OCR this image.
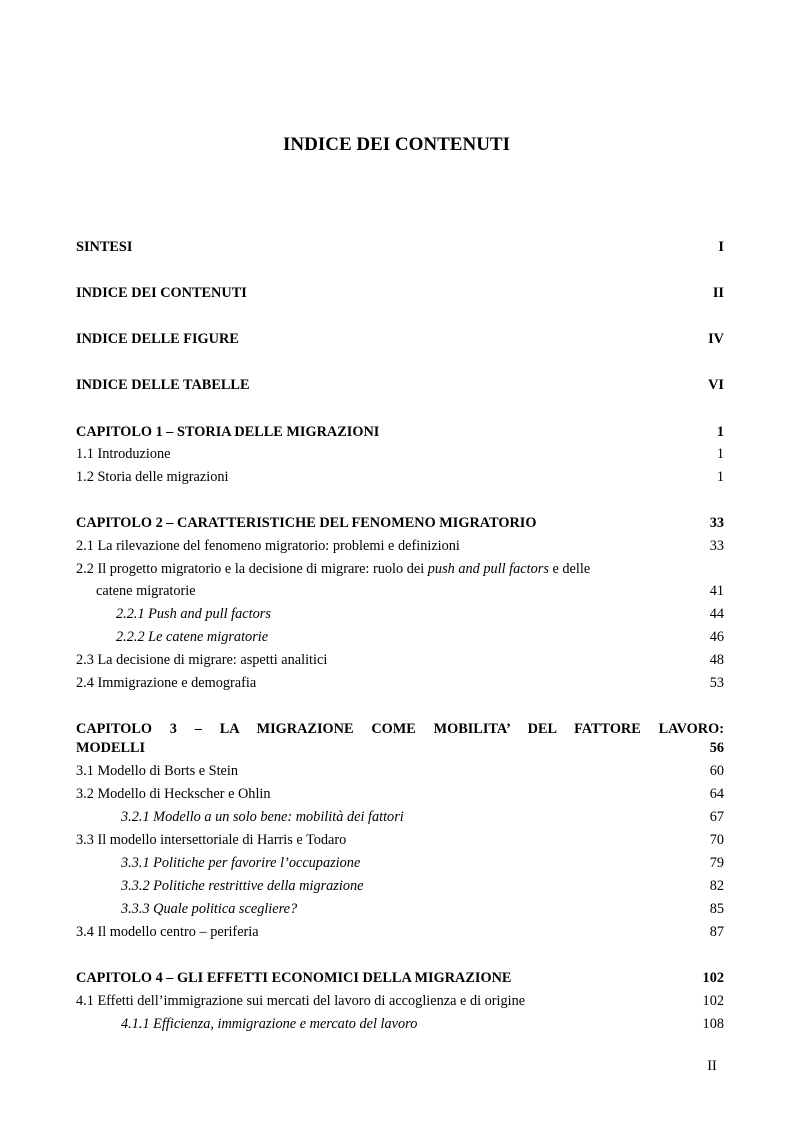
INDICE DEI CONTENUTI
SINTESI	I
INDICE DEI CONTENUTI	II
INDICE DELLE FIGURE	IV
INDICE DELLE TABELLE	VI
CAPITOLO 1 – STORIA DELLE MIGRAZIONI	1
1.1 Introduzione	1
1.2 Storia delle migrazioni	1
CAPITOLO 2 – CARATTERISTICHE DEL FENOMENO MIGRATORIO	33
2.1 La rilevazione del fenomeno migratorio: problemi e definizioni	33
2.2 Il progetto migratorio e la decisione di migrare: ruolo dei push and pull factors e delle
catene migratorie	41
2.2.1 Push and pull factors	44
2.2.2 Le catene migratorie	46
2.3 La decisione di migrare: aspetti analitici	48
2.4 Immigrazione e demografia	53
CAPITOLO 3 – LA MIGRAZIONE COME MOBILITA’ DEL FATTORE LAVORO:
MODELLI	56
3.1 Modello di Borts e Stein	60
3.2 Modello di Heckscher e Ohlin	64
3.2.1 Modello a un solo bene: mobilità dei fattori	67
3.3 Il modello intersettoriale di Harris e Todaro	70
3.3.1 Politiche per favorire l’occupazione	79
3.3.2 Politiche restrittive della migrazione	82
3.3.3 Quale politica scegliere?	85
3.4 Il modello centro – periferia	87
CAPITOLO 4 – GLI EFFETTI ECONOMICI DELLA MIGRAZIONE	102
4.1 Effetti dell’immigrazione sui mercati del lavoro di accoglienza e di origine	102
4.1.1 Efficienza, immigrazione e mercato del lavoro	108
II
